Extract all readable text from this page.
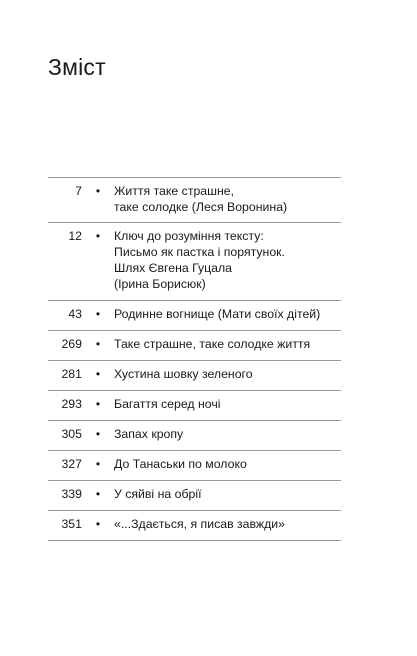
Зміст
7	•	Життя таке страшне,
таке солодке (Леся Воронина)
12	•	Ключ до розуміння тексту:
Письмо як пастка і порятунок.
Шлях Євгена Гуцала
(Ірина Борисюк)
43	•	Родинне вогнище (Мати своїх дітей)
269	•	Таке страшне, таке солодке життя
281	•	Хустина шовку зеленого
293	•	Багаття серед ночі
305	•	Запах кропу
327	•	До Танаськи по молоко
339	•	У сяйві на обрії
351	•	«...Здається, я писав завжди»
